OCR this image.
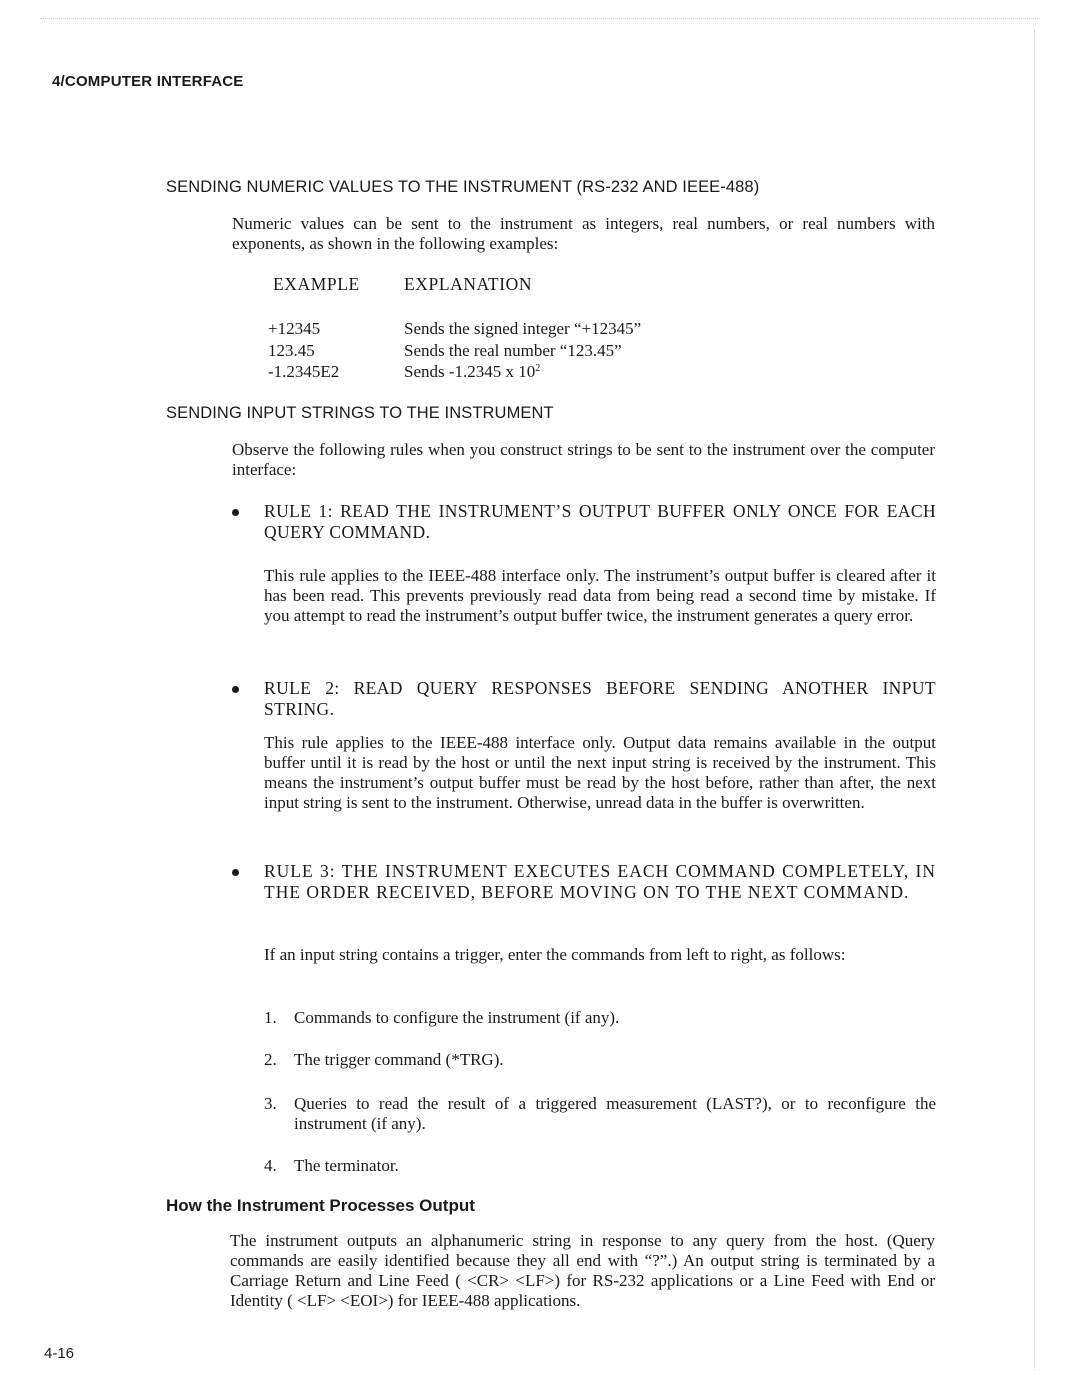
4/COMPUTER INTERFACE
SENDING NUMERIC VALUES TO THE INSTRUMENT (RS-232 AND IEEE-488)
Numeric values can be sent to the instrument as integers, real numbers, or real numbers with exponents, as shown in the following examples:
EXAMPLE	EXPLANATION
+12345	Sends the signed integer “+12345”
123.45	Sends the real number “123.45”
-1.2345E2	Sends -1.2345 x $10^2$
SENDING INPUT STRINGS TO THE INSTRUMENT
Observe the following rules when you construct strings to be sent to the instrument over the computer interface:
RULE 1: READ THE INSTRUMENT’S OUTPUT BUFFER ONLY ONCE FOR EACH QUERY COMMAND.
This rule applies to the IEEE-488 interface only. The instrument’s output buffer is cleared after it has been read. This prevents previously read data from being read a second time by mistake. If you attempt to read the instrument’s output buffer twice, the instrument generates a query error.
RULE 2: READ QUERY RESPONSES BEFORE SENDING ANOTHER INPUT STRING.
This rule applies to the IEEE-488 interface only. Output data remains available in the output buffer until it is read by the host or until the next input string is received by the instrument. This means the instrument’s output buffer must be read by the host before, rather than after, the next input string is sent to the instrument. Otherwise, unread data in the buffer is overwritten.
RULE 3: THE INSTRUMENT EXECUTES EACH COMMAND COMPLETELY, IN THE ORDER RECEIVED, BEFORE MOVING ON TO THE NEXT COMMAND.
If an input string contains a trigger, enter the commands from left to right, as follows:
1. Commands to configure the instrument (if any).
2. The trigger command (*TRG).
3. Queries to read the result of a triggered measurement (LAST?), or to reconfigure the instrument (if any).
4. The terminator.
How the Instrument Processes Output
The instrument outputs an alphanumeric string in response to any query from the host. (Query commands are easily identified because they all end with “?”.) An output string is terminated by a Carriage Return and Line Feed ( <CR> <LF>) for RS-232 applications or a Line Feed with End or Identity ( <LF> <EOI>) for IEEE-488 applications.
4-16
